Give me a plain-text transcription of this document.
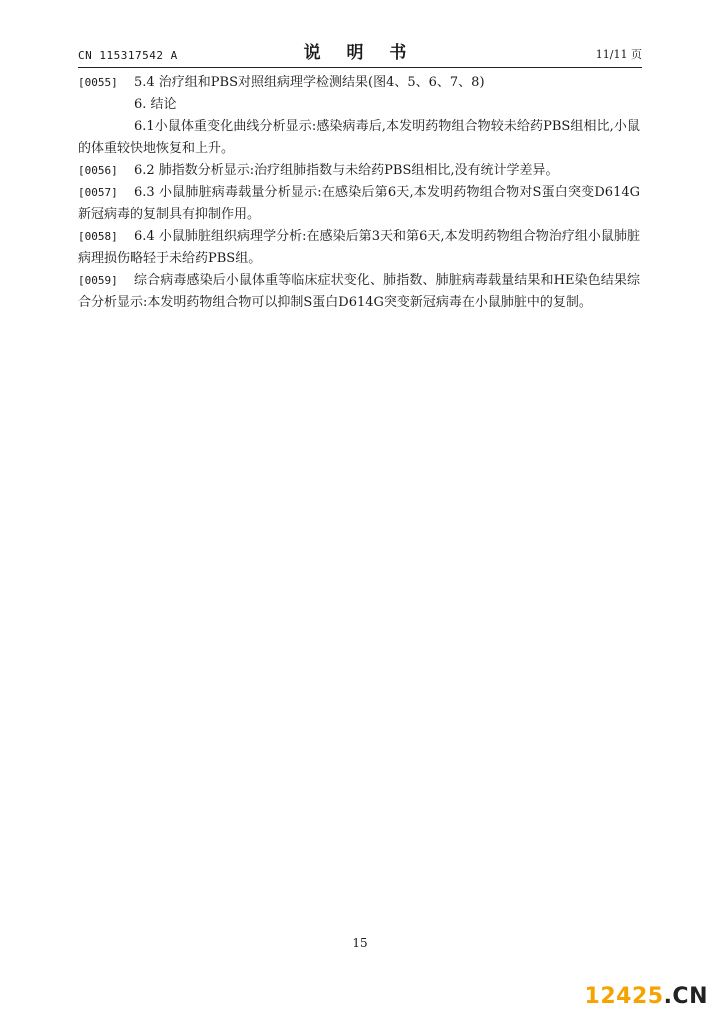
CN 115317542 A	说 明 书	11/11 页
[0055]	5.4 治疗组和PBS对照组病理学检测结果(图4、5、6、7、8)
6. 结论
6.1小鼠体重变化曲线分析显示:感染病毒后,本发明药物组合物较未给药PBS组相比,小鼠的体重较快地恢复和上升。
[0056]	6.2 肺指数分析显示:治疗组肺指数与未给药PBS组相比,没有统计学差异。
[0057]	6.3 小鼠肺脏病毒载量分析显示:在感染后第6天,本发明药物组合物对S蛋白突变D614G新冠病毒的复制具有抑制作用。
[0058]	6.4 小鼠肺脏组织病理学分析:在感染后第3天和第6天,本发明药物组合物治疗组小鼠肺脏病理损伤略轻于未给药PBS组。
[0059]	综合病毒感染后小鼠体重等临床症状变化、肺指数、肺脏病毒载量结果和HE染色结果综合分析显示:本发明药物组合物可以抑制S蛋白D614G突变新冠病毒在小鼠肺脏中的复制。
15
12425.CN
